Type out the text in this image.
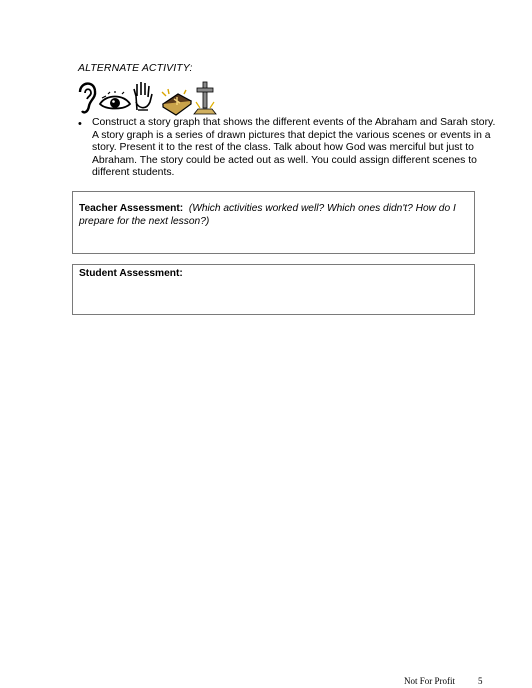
ALTERNATE ACTIVITY:
• Construct a story graph that shows the different events of the Abraham and Sarah story. A story graph is a series of drawn pictures that depict the various scenes or events in a story. Present it to the rest of the class. Talk about how God was merciful but just to Abraham. The story could be acted out as well. You could assign different scenes to different students.
Teacher Assessment: (Which activities worked well? Which ones didn't? How do I prepare for the next lesson?)
Student Assessment:
Not For Profit	5
